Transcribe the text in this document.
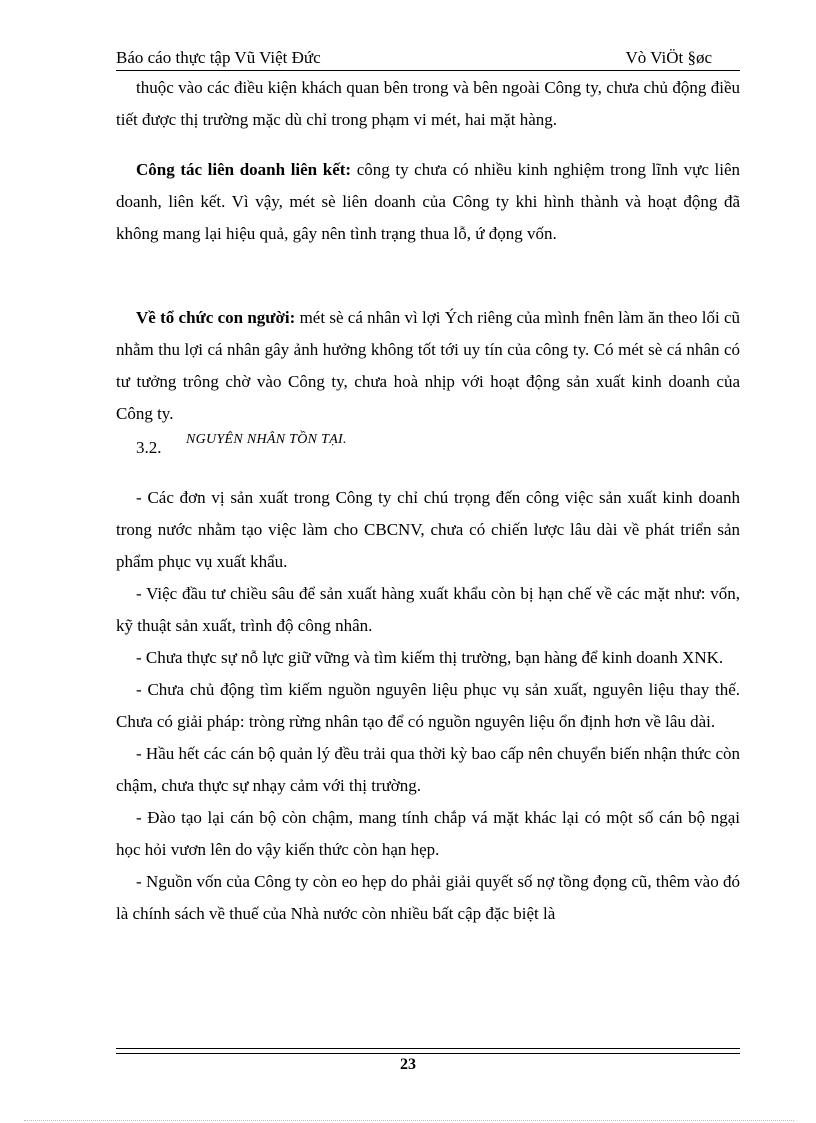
Báo cáo thực tập Vũ Việt Đức	Vò ViÖt §øc

thuộc vào các điều kiện khách quan bên trong và bên ngoài Công ty, chưa chủ động điều tiết được thị trường mặc dù chỉ trong phạm vi mét, hai mặt hàng.

Công tác liên doanh liên kết: công ty chưa có nhiều kinh nghiệm trong lĩnh vực liên doanh, liên kết. Vì vậy, mét sè liên doanh của Công ty khi hình thành và hoạt động đã không mang lại hiệu quả, gây nên tình trạng thua lỗ, ứ đọng vốn.

Về tổ chức con người: mét sè cá nhân vì lợi Ých riêng của mình fnên làm ăn theo lối cũ nhằm thu lợi cá nhân gây ảnh hưởng không tốt tới uy tín của công ty. Có mét sè cá nhân có tư tưởng trông chờ vào Công ty, chưa hoà nhịp với hoạt động sản xuất kinh doanh của Công ty.

3.2. NGUYÊN NHÂN TỒN TẠI.

- Các đơn vị sản xuất trong Công ty chỉ chú trọng đến công việc sản xuất kinh doanh trong nước nhằm tạo việc làm cho CBCNV, chưa có chiến lược lâu dài về phát triển sản phẩm phục vụ xuất khẩu.

- Việc đầu tư chiều sâu để sản xuất hàng xuất khẩu còn bị hạn chế về các mặt như: vốn, kỹ thuật sản xuất, trình độ công nhân.

- Chưa thực sự nỗ lực giữ vững và tìm kiếm thị trường, bạn hàng để kinh doanh XNK.

- Chưa chủ động tìm kiếm nguồn nguyên liệu phục vụ sản xuất, nguyên liệu thay thế. Chưa có giải pháp: tròng rừng nhân tạo để có nguồn nguyên liệu ổn định hơn về lâu dài.

- Hầu hết các cán bộ quản lý đều trải qua thời kỳ bao cấp nên chuyển biến nhận thức còn chậm, chưa thực sự nhạy cảm với thị trường.

- Đào tạo lại cán bộ còn chậm, mang tính chắp vá mặt khác lại có một số cán bộ ngại học hỏi vươn lên do vậy kiến thức còn hạn hẹp.

- Nguồn vốn của Công ty còn eo hẹp do phải giải quyết số nợ tồng đọng cũ, thêm vào đó là chính sách về thuế của Nhà nước còn nhiều bất cập đặc biệt là

23
